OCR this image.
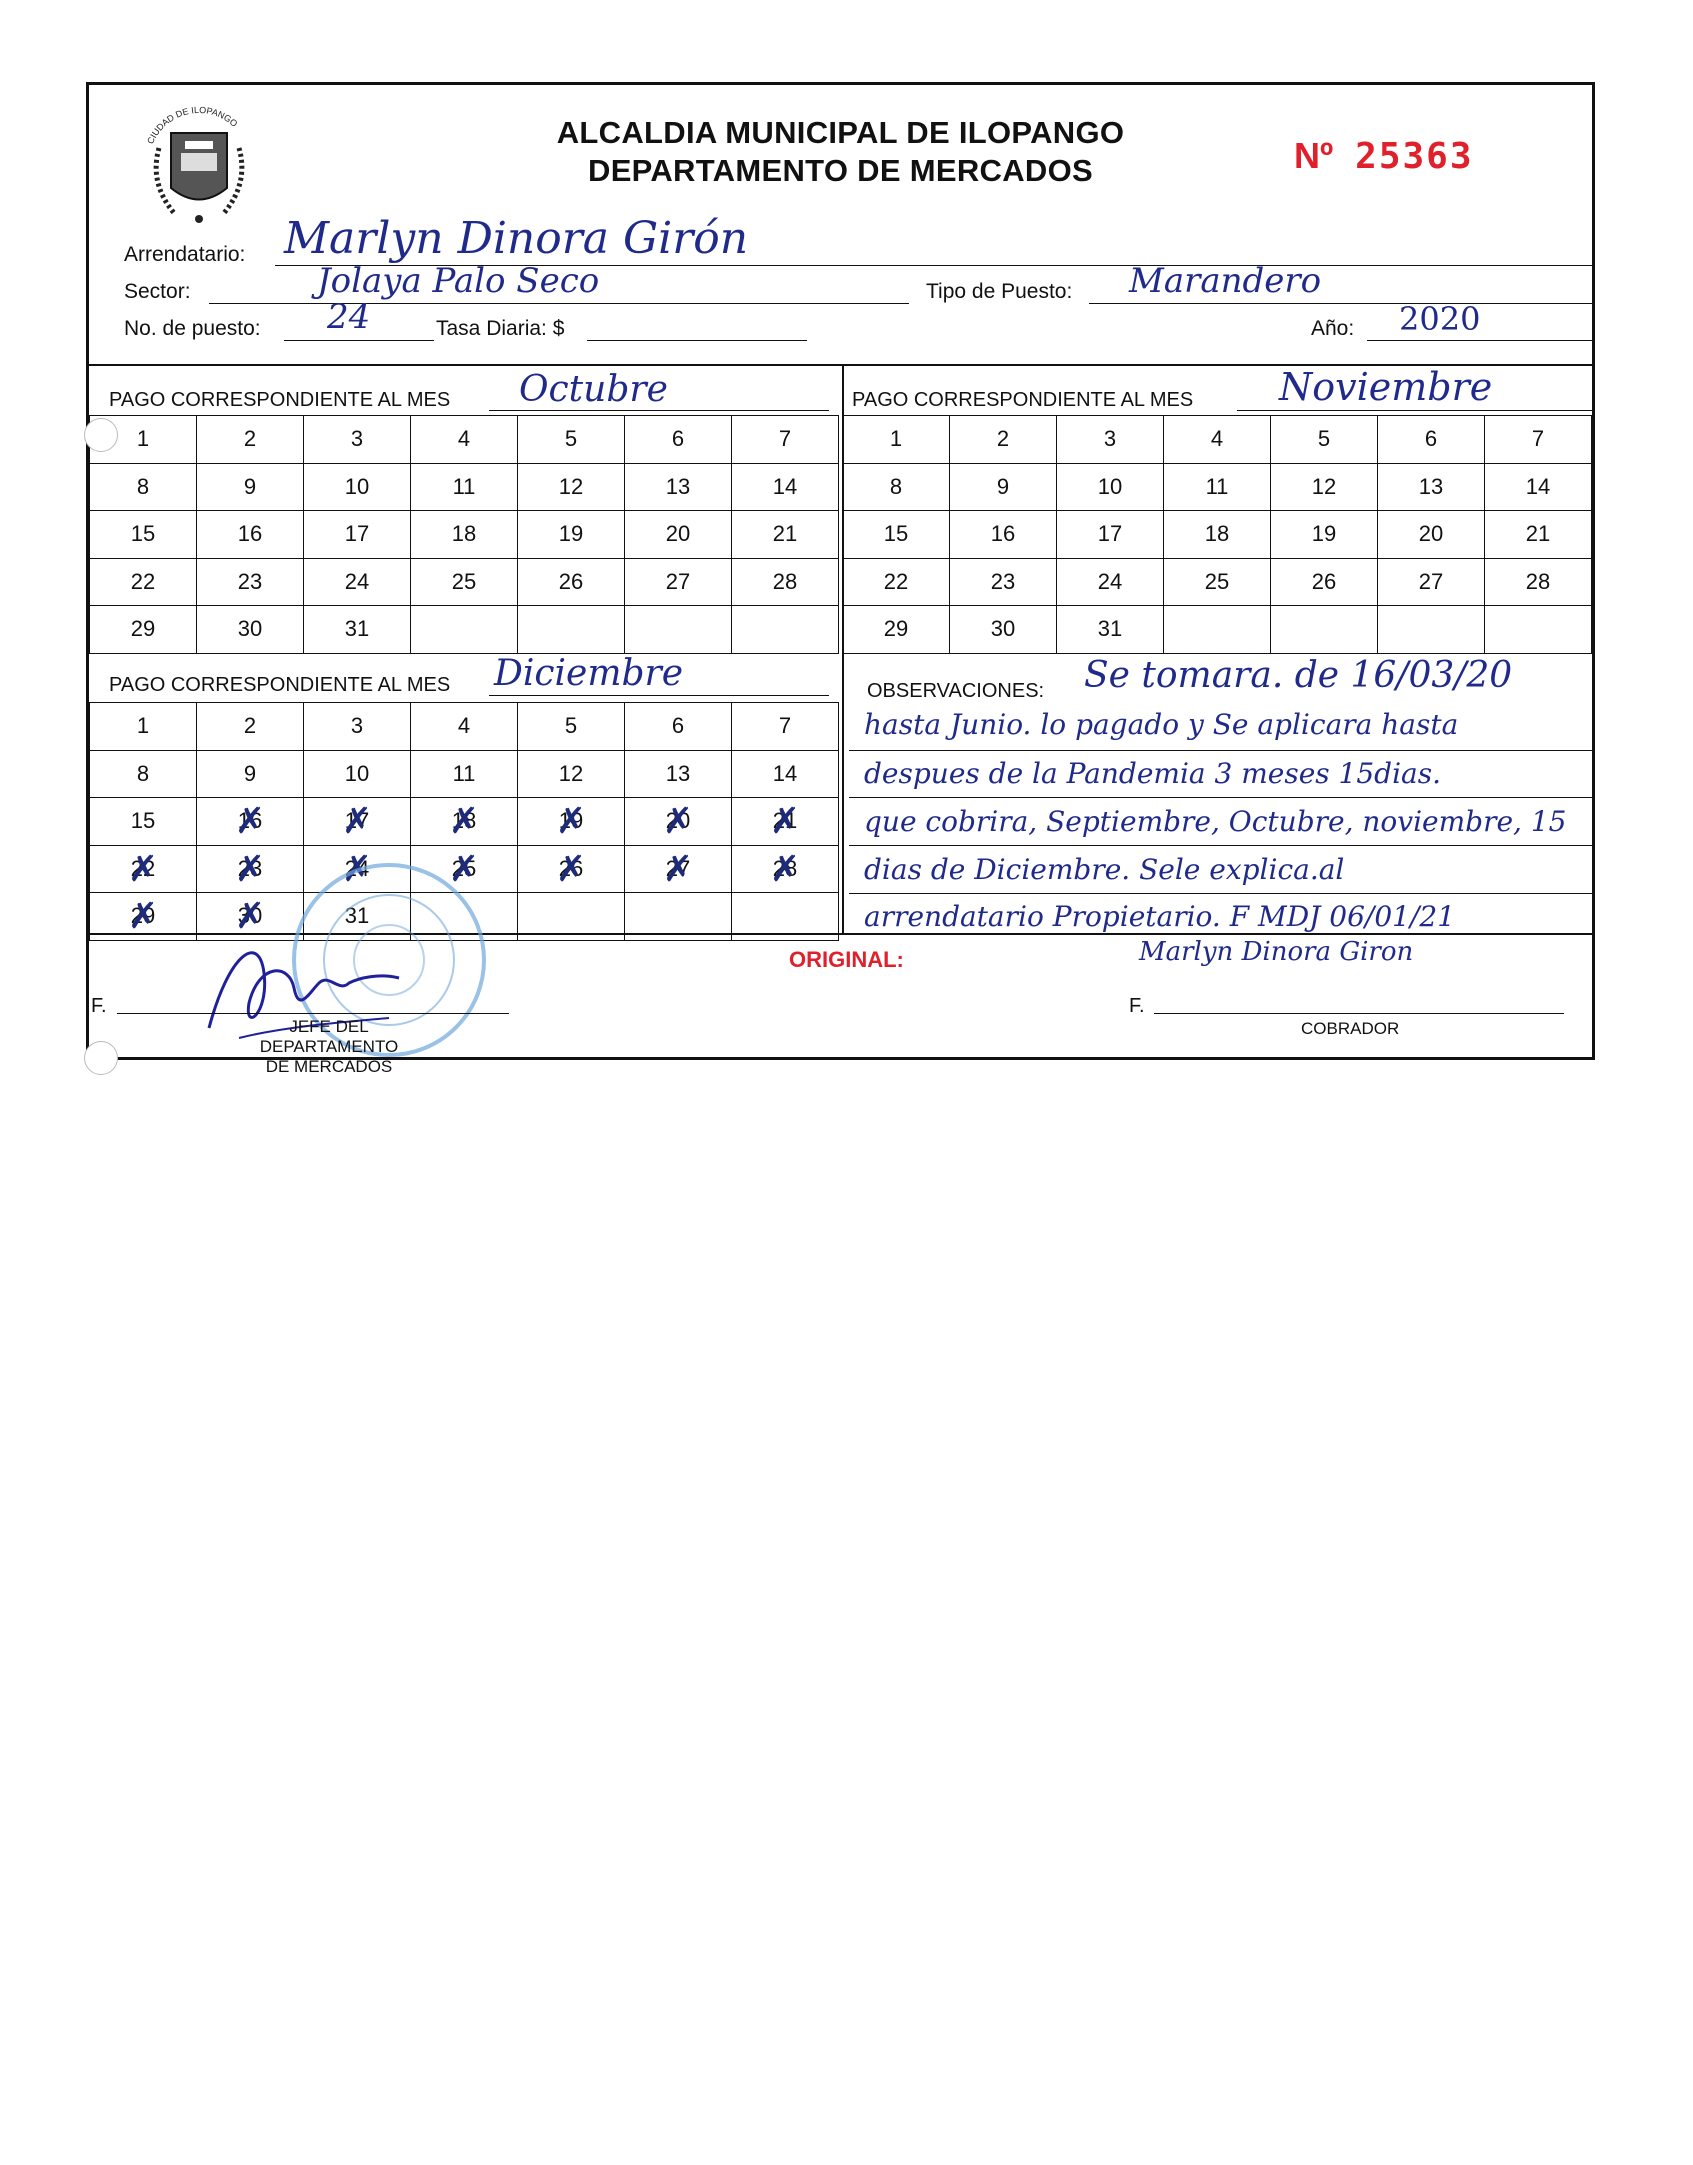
CIUDAD DE ILOPANGO	ALCALDIA MUNICIPAL DE ILOPANGO
DEPARTAMENTO DE MERCADOS	Nº 25363
Arrendatario: Marlyn Dinora Girón
Sector:	Jolaya Palo Seco	Tipo de Puesto: Marandero
No. de puesto: 24	Tasa Diaria: $	Año: 2020
PAGO CORRESPONDIENTE AL MES Octubre	PAGO CORRESPONDIENTE AL MES Noviembre
PAGO CORRESPONDIENTE AL MES Diciembre
1	2	3	4	5	6	7
8	9	10	11	12	13	14
15	16	17	18	19	20	21
22	23	24	25	26	27	28
29	30	31
1	2	3	4	5	6	7
8	9	10	11	12	13	14
15	16	17	18	19	20	21
22	23	24	25	26	27	28
29	30	31
1	2	3	4	5	6	7
8	9	10	11	12	13	14
15	16 ✗	17 ✗	18 ✗	19 ✗	20 ✗	21 ✗
22 ✗	23 ✗	24 ✗	25 ✗	26 ✗	27 ✗	28 ✗
29 ✗	30 ✗	31
OBSERVACIONES: Se tomara. de 16/03/20
hasta Junio. lo pagado y Se aplicara hasta
despues de la Pandemia 3 meses 15dias.
que cobrira, Septiembre, Octubre, noviembre, 15
dias de Diciembre. Sele explica.al
arrendatario Propietario. F MDJ 06/01/21
Marlyn Dinora Giron
ORIGINAL:
F.
JEFE DEL DEPARTAMENTO
DE MERCADOS
F.
COBRADOR
